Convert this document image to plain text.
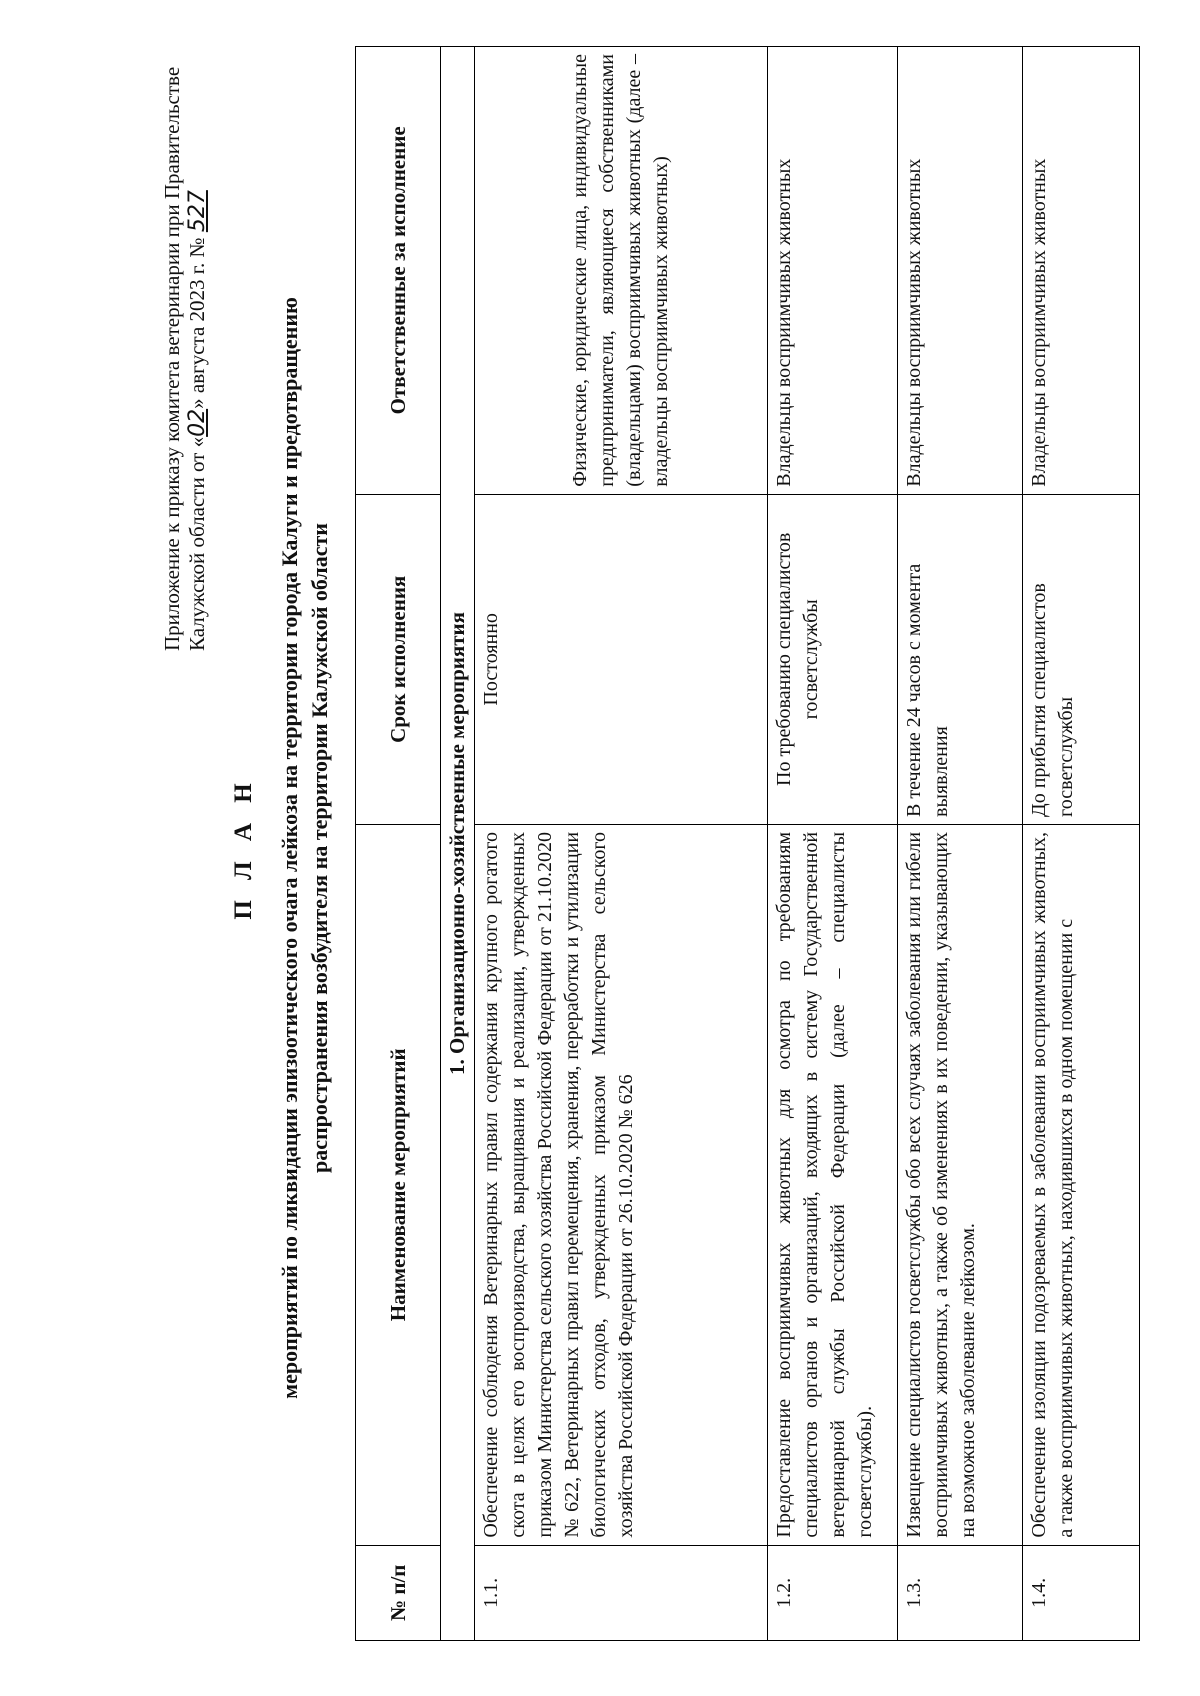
Приложение к приказу комитета ветеринарии при Правительстве Калужской области от «02» августа 2023 г. № 527
П Л А Н мероприятий по ликвидации эпизоотического очага лейкоза на территории города Калуги и предотвращению распространения возбудителя на территории Калужской области
№ п/п	Наименование мероприятий	Срок исполнения	Ответственные за исполнение
1. Организационно-хозяйственные мероприятия			
1.1.	Обеспечение соблюдения Ветеринарных правил содержания крупного рогатого скота в целях его воспроизводства, выращивания и реализации, утвержденных приказом Министерства сельского хозяйства Российской Федерации от 21.10.2020 № 622, Ветеринарных правил перемещения, хранения, переработки и утилизации биологических отходов, утвержденных приказом Министерства сельского хозяйства Российской Федерации от 26.10.2020 № 626	Постоянно	Физические, юридические лица, индивидуальные предприниматели, являющиеся собственниками (владельцами) восприимчивых животных (далее – владельцы восприимчивых животных)
1.2.	Предоставление восприимчивых животных для осмотра по требованиям специалистов органов и организаций, входящих в систему Государственной ветеринарной службы Российской Федерации (далее – специалисты госветслужбы).	По требованию специалистов госветслужбы	Владельцы восприимчивых животных
1.3.	Извещение специалистов госветслужбы обо всех случаях заболевания или гибели восприимчивых животных, а также об изменениях в их поведении, указывающих на возможное заболевание лейкозом.	В течение 24 часов с момента выявления	Владельцы восприимчивых животных
1.4.	Обеспечение изоляции подозреваемых в заболевании восприимчивых животных, а также восприимчивых животных, находившихся в одном помещении с	До прибытия специалистов госветслужбы	Владельцы восприимчивых животных
